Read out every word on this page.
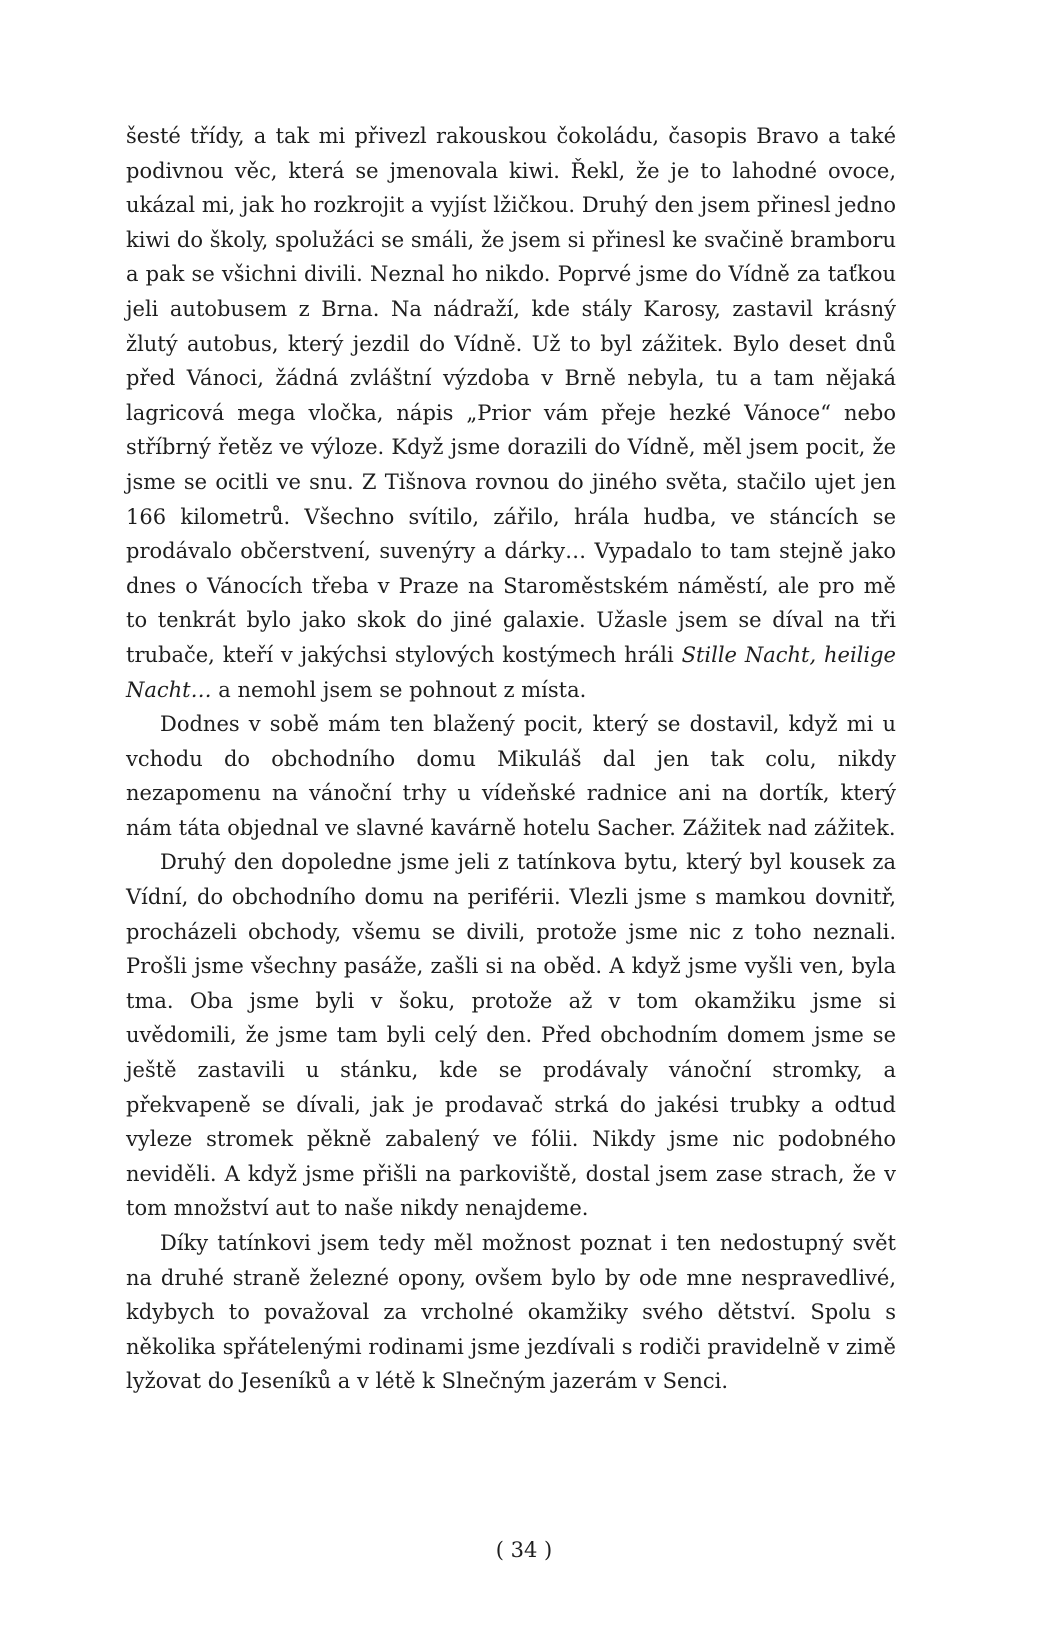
šesté třídy, a tak mi přivezl rakouskou čokoládu, časopis Bravo a také podivnou věc, která se jmenovala kiwi. Řekl, že je to lahodné ovoce, ukázal mi, jak ho rozkrojit a vyjíst lžičkou. Druhý den jsem přinesl jedno kiwi do školy, spolužáci se smáli, že jsem si přinesl ke svačině bramboru a pak se všichni divili. Neznal ho nikdo. Poprvé jsme do Vídně za taťkou jeli autobusem z Brna. Na nádraží, kde stály Karosy, zastavil krásný žlutý autobus, který jezdil do Vídně. Už to byl zážitek. Bylo deset dnů před Vánoci, žádná zvláštní výzdoba v Brně nebyla, tu a tam nějaká lagricová mega vločka, nápis „Prior vám přeje hezké Vánoce“ nebo stříbrný řetěz ve výloze. Když jsme dorazili do Vídně, měl jsem pocit, že jsme se ocitli ve snu. Z Tišnova rovnou do jiného světa, stačilo ujet jen 166 kilometrů. Všechno svítilo, zářilo, hrála hudba, ve stáncích se prodávalo občerstvení, suvenýry a dárky… Vypadalo to tam stejně jako dnes o Vánocích třeba v Praze na Staroměstském náměstí, ale pro mě to tenkrát bylo jako skok do jiné galaxie. Užasle jsem se díval na tři trubače, kteří v jakýchsi stylových kostýmech hráli Stille Nacht, heilige Nacht… a nemohl jsem se pohnout z místa.

Dodnes v sobě mám ten blažený pocit, který se dostavil, když mi u vchodu do obchodního domu Mikuláš dal jen tak colu, nikdy nezapomenu na vánoční trhy u vídeňské radnice ani na dortík, který nám táta objednal ve slavné kavárně hotelu Sacher. Zážitek nad zážitek.

Druhý den dopoledne jsme jeli z tatínkova bytu, který byl kousek za Vídní, do obchodního domu na periférii. Vlezli jsme s mamkou dovnitř, procházeli obchody, všemu se divili, protože jsme nic z toho neznali. Prošli jsme všechny pasáže, zašli si na oběd. A když jsme vyšli ven, byla tma. Oba jsme byli v šoku, protože až v tom okamžiku jsme si uvědomili, že jsme tam byli celý den. Před obchodním domem jsme se ještě zastavili u stánku, kde se prodávaly vánoční stromky, a překvapeně se dívali, jak je prodavač strká do jakési trubky a odtud vyleze stromek pěkně zabalený ve fólii. Nikdy jsme nic podobného neviděli. A když jsme přišli na parkoviště, dostal jsem zase strach, že v tom množství aut to naše nikdy nenajdeme.

Díky tatínkovi jsem tedy měl možnost poznat i ten nedostupný svět na druhé straně železné opony, ovšem bylo by ode mne nespravedlivé, kdybych to považoval za vrcholné okamžiky svého dětství. Spolu s několika spřátelenými rodinami jsme jezdívali s rodiči pravidelně v zimě lyžovat do Jeseníků a v létě k Slnečným jazerám v Senci.

( 34 )
